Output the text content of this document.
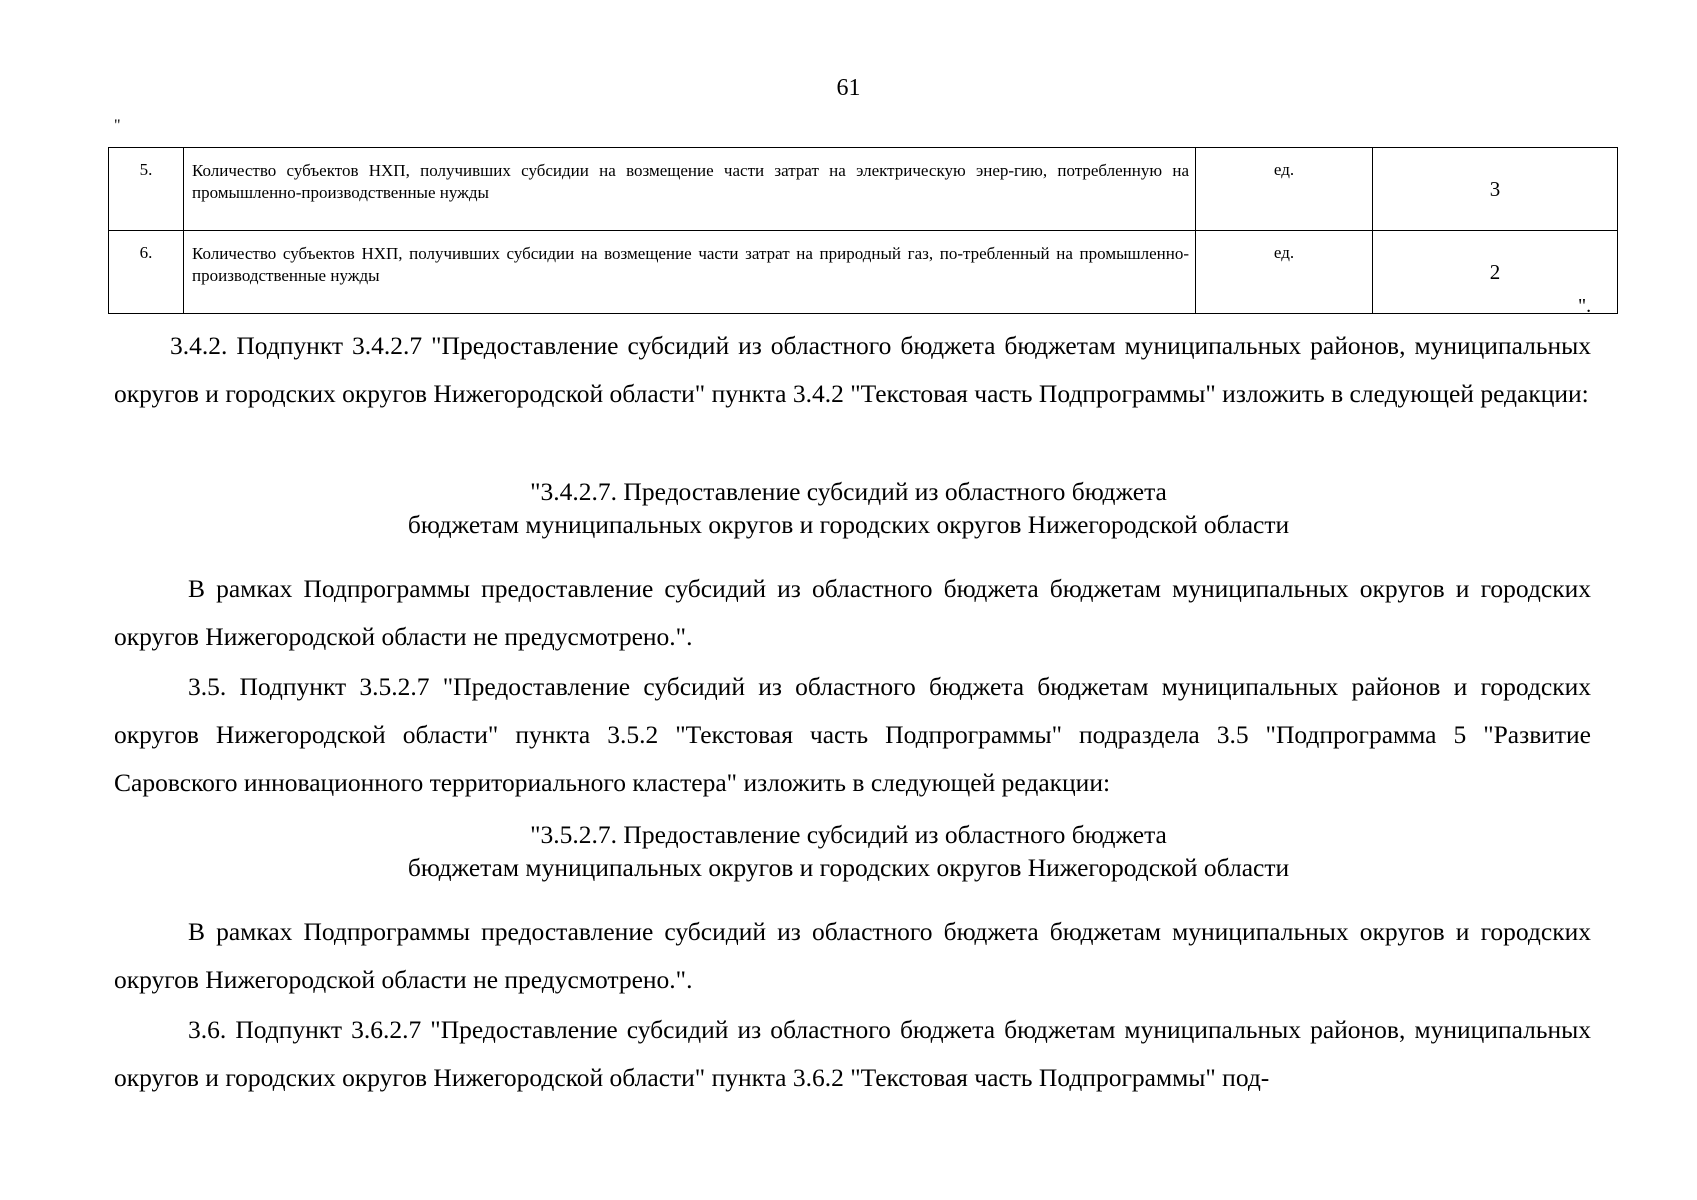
61
"
5.	Количество субъектов НХП, получивших субсидии на возмещение части затрат на электрическую энер-гию, потребленную на промышленно-производственные нужды	ед.	3
6.	Количество субъектов НХП, получивших субсидии на возмещение части затрат на природный газ, по-требленный на промышленно-производственные нужды	ед.	2
".
3.4.2. Подпункт 3.4.2.7 "Предоставление субсидий из областного бюджета бюджетам муниципальных районов, муниципальных округов и городских округов Нижегородской области" пункта 3.4.2 "Текстовая часть Подпрограммы" изложить в следующей редакции:
"3.4.2.7. Предоставление субсидий из областного бюджета
бюджетам муниципальных округов и городских округов Нижегородской области
В рамках Подпрограммы предоставление субсидий из областного бюджета бюджетам муниципальных округов и городских округов Нижегородской области не предусмотрено.".
3.5. Подпункт 3.5.2.7 "Предоставление субсидий из областного бюджета бюджетам муниципальных районов и городских округов Нижегородской области" пункта 3.5.2 "Текстовая часть Подпрограммы" подраздела 3.5 "Подпрограмма 5 "Развитие Саровского инновационного территориального кластера" изложить в следующей редакции:
"3.5.2.7. Предоставление субсидий из областного бюджета
бюджетам муниципальных округов и городских округов Нижегородской области
В рамках Подпрограммы предоставление субсидий из областного бюджета бюджетам муниципальных округов и городских округов Нижегородской области не предусмотрено.".
3.6. Подпункт 3.6.2.7 "Предоставление субсидий из областного бюджета бюджетам муниципальных районов, муниципальных округов и городских округов Нижегородской области" пункта 3.6.2 "Текстовая часть Подпрограммы" под-
